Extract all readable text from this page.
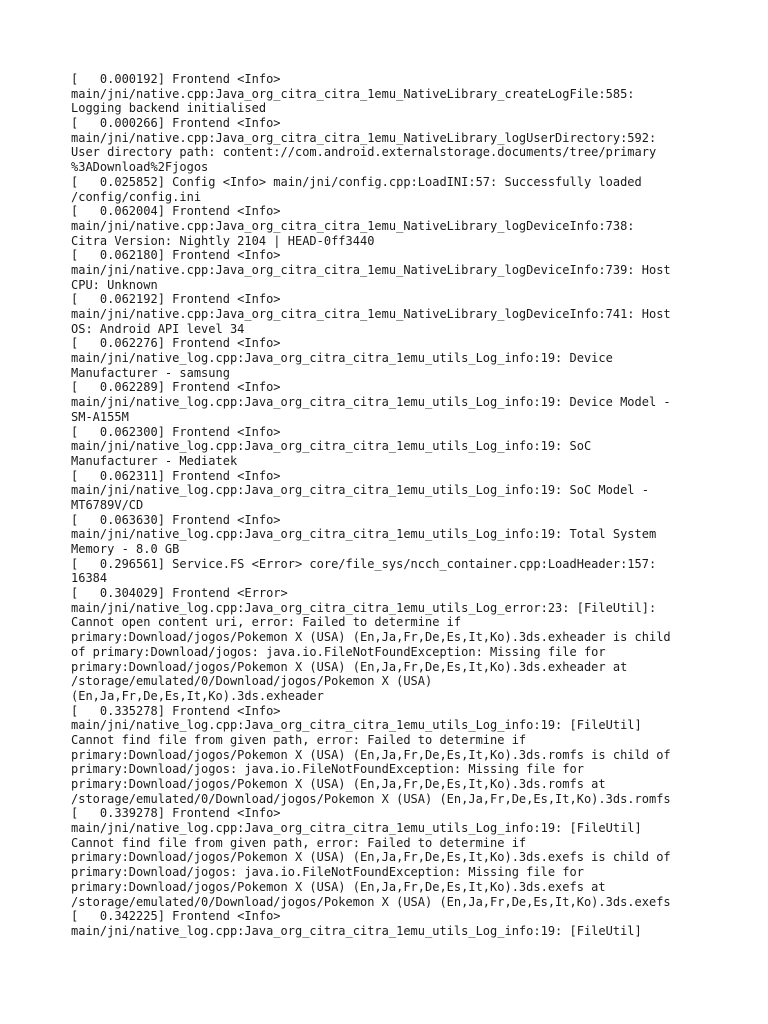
[   0.000192] Frontend <Info>
main/jni/native.cpp:Java_org_citra_citra_1emu_NativeLibrary_createLogFile:585:
Logging backend initialised
[   0.000266] Frontend <Info>
main/jni/native.cpp:Java_org_citra_citra_1emu_NativeLibrary_logUserDirectory:592:
User directory path: content://com.android.externalstorage.documents/tree/primary
%3ADownload%2Fjogos
[   0.025852] Config <Info> main/jni/config.cpp:LoadINI:57: Successfully loaded
/config/config.ini
[   0.062004] Frontend <Info>
main/jni/native.cpp:Java_org_citra_citra_1emu_NativeLibrary_logDeviceInfo:738:
Citra Version: Nightly 2104 | HEAD-0ff3440
[   0.062180] Frontend <Info>
main/jni/native.cpp:Java_org_citra_citra_1emu_NativeLibrary_logDeviceInfo:739: Host
CPU: Unknown
[   0.062192] Frontend <Info>
main/jni/native.cpp:Java_org_citra_citra_1emu_NativeLibrary_logDeviceInfo:741: Host
OS: Android API level 34
[   0.062276] Frontend <Info>
main/jni/native_log.cpp:Java_org_citra_citra_1emu_utils_Log_info:19: Device
Manufacturer - samsung
[   0.062289] Frontend <Info>
main/jni/native_log.cpp:Java_org_citra_citra_1emu_utils_Log_info:19: Device Model -
SM-A155M
[   0.062300] Frontend <Info>
main/jni/native_log.cpp:Java_org_citra_citra_1emu_utils_Log_info:19: SoC
Manufacturer - Mediatek
[   0.062311] Frontend <Info>
main/jni/native_log.cpp:Java_org_citra_citra_1emu_utils_Log_info:19: SoC Model -
MT6789V/CD
[   0.063630] Frontend <Info>
main/jni/native_log.cpp:Java_org_citra_citra_1emu_utils_Log_info:19: Total System
Memory - 8.0 GB
[   0.296561] Service.FS <Error> core/file_sys/ncch_container.cpp:LoadHeader:157:
16384
[   0.304029] Frontend <Error>
main/jni/native_log.cpp:Java_org_citra_citra_1emu_utils_Log_error:23: [FileUtil]:
Cannot open content uri, error: Failed to determine if
primary:Download/jogos/Pokemon X (USA) (En,Ja,Fr,De,Es,It,Ko).3ds.exheader is child
of primary:Download/jogos: java.io.FileNotFoundException: Missing file for
primary:Download/jogos/Pokemon X (USA) (En,Ja,Fr,De,Es,It,Ko).3ds.exheader at
/storage/emulated/0/Download/jogos/Pokemon X (USA)
(En,Ja,Fr,De,Es,It,Ko).3ds.exheader
[   0.335278] Frontend <Info>
main/jni/native_log.cpp:Java_org_citra_citra_1emu_utils_Log_info:19: [FileUtil]
Cannot find file from given path, error: Failed to determine if
primary:Download/jogos/Pokemon X (USA) (En,Ja,Fr,De,Es,It,Ko).3ds.romfs is child of
primary:Download/jogos: java.io.FileNotFoundException: Missing file for
primary:Download/jogos/Pokemon X (USA) (En,Ja,Fr,De,Es,It,Ko).3ds.romfs at
/storage/emulated/0/Download/jogos/Pokemon X (USA) (En,Ja,Fr,De,Es,It,Ko).3ds.romfs
[   0.339278] Frontend <Info>
main/jni/native_log.cpp:Java_org_citra_citra_1emu_utils_Log_info:19: [FileUtil]
Cannot find file from given path, error: Failed to determine if
primary:Download/jogos/Pokemon X (USA) (En,Ja,Fr,De,Es,It,Ko).3ds.exefs is child of
primary:Download/jogos: java.io.FileNotFoundException: Missing file for
primary:Download/jogos/Pokemon X (USA) (En,Ja,Fr,De,Es,It,Ko).3ds.exefs at
/storage/emulated/0/Download/jogos/Pokemon X (USA) (En,Ja,Fr,De,Es,It,Ko).3ds.exefs
[   0.342225] Frontend <Info>
main/jni/native_log.cpp:Java_org_citra_citra_1emu_utils_Log_info:19: [FileUtil]
